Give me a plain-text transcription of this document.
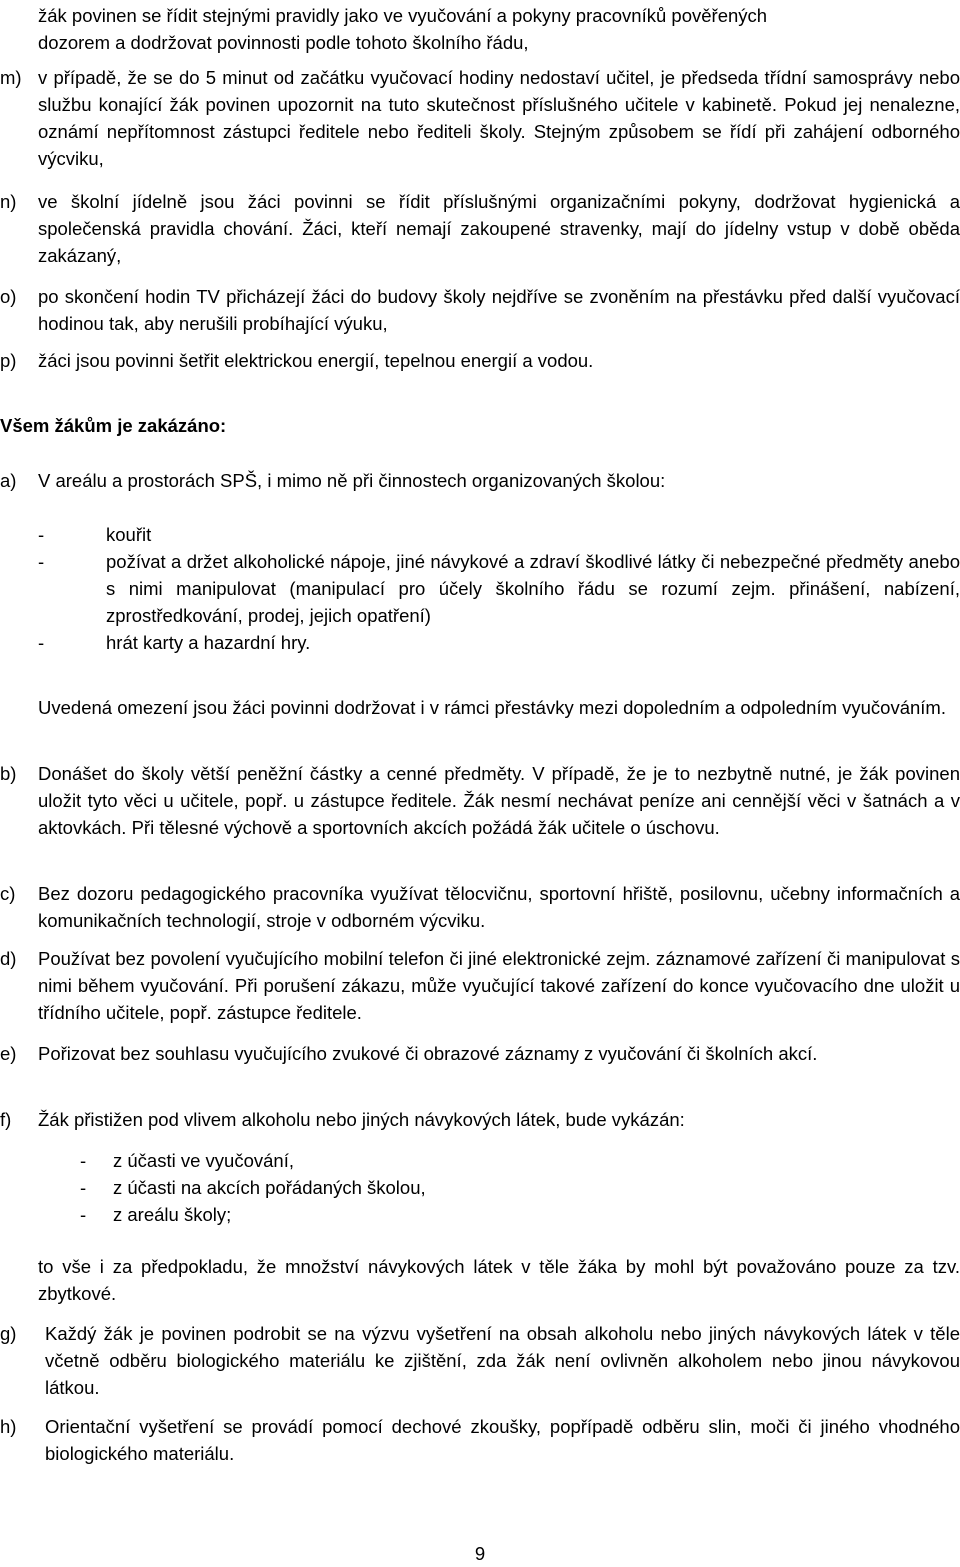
žák povinen se řídit stejnými pravidly jako ve vyučování a pokyny pracovníků pověřených

dozorem a dodržovat povinnosti podle tohoto školního řádu,

m) v případě, že se do 5 minut od začátku vyučovací hodiny nedostaví učitel, je předseda třídní samosprávy nebo službu konající žák povinen upozornit na tuto skutečnost příslušného učitele v kabinetě. Pokud jej nenalezne, oznámí nepřítomnost zástupci ředitele nebo řediteli školy. Stejným způsobem se řídí při zahájení odborného výcviku,

n) ve školní jídelně jsou žáci povinni se řídit příslušnými organizačními pokyny, dodržovat hygienická a společenská pravidla chování. Žáci, kteří nemají zakoupené stravenky, mají do jídelny vstup v době oběda zakázaný,

o) po skončení hodin TV přicházejí žáci do budovy školy nejdříve se zvoněním na přestávku před další vyučovací hodinou tak, aby nerušili probíhající výuku,

p) žáci jsou povinni šetřit elektrickou energií, tepelnou energií a vodou.

Všem žákům je zakázáno:

a) V areálu a prostorách SPŠ, i mimo ně při činnostech organizovaných školou:

-	kouřit

-	požívat a držet alkoholické nápoje, jiné návykové a zdraví škodlivé látky či nebezpečné předměty anebo s nimi manipulovat (manipulací pro účely školního řádu se rozumí zejm. přinášení, nabízení, zprostředkování, prodej, jejich opatření)

-	hrát karty a hazardní hry.

Uvedená omezení jsou žáci povinni dodržovat i v rámci přestávky mezi dopoledním a odpoledním vyučováním.

b) Donášet do školy větší peněžní částky a cenné předměty. V případě, že je to nezbytně nutné, je žák povinen uložit tyto věci u učitele, popř. u zástupce ředitele. Žák nesmí nechávat peníze ani cennější věci v šatnách a v aktovkách. Při tělesné výchově a sportovních akcích požádá žák učitele o úschovu.

c) Bez dozoru pedagogického pracovníka využívat tělocvičnu, sportovní hřiště, posilovnu, učebny informačních a komunikačních technologií, stroje v odborném výcviku.

d) Používat bez povolení vyučujícího mobilní telefon či jiné elektronické zejm. záznamové zařízení či manipulovat s nimi během vyučování. Při porušení zákazu, může vyučující takové zařízení do konce vyučovacího dne uložit u třídního učitele, popř. zástupce ředitele.

e) Pořizovat bez souhlasu vyučujícího zvukové či obrazové záznamy z vyučování či školních akcí.

f) Žák přistižen pod vlivem alkoholu nebo jiných návykových látek, bude vykázán:

- z účasti ve vyučování,

- z účasti na akcích pořádaných školou,

- z areálu školy;

to vše i za předpokladu, že množství návykových látek v těle žáka by mohl být považováno pouze za tzv. zbytkové.

g) Každý žák je povinen podrobit se na výzvu vyšetření na obsah alkoholu nebo jiných návykových látek v těle včetně odběru biologického materiálu ke zjištění, zda žák není ovlivněn alkoholem nebo jinou návykovou látkou.

h) Orientační vyšetření se provádí pomocí dechové zkoušky, popřípadě odběru slin, moči či jiného vhodného biologického materiálu.

9
